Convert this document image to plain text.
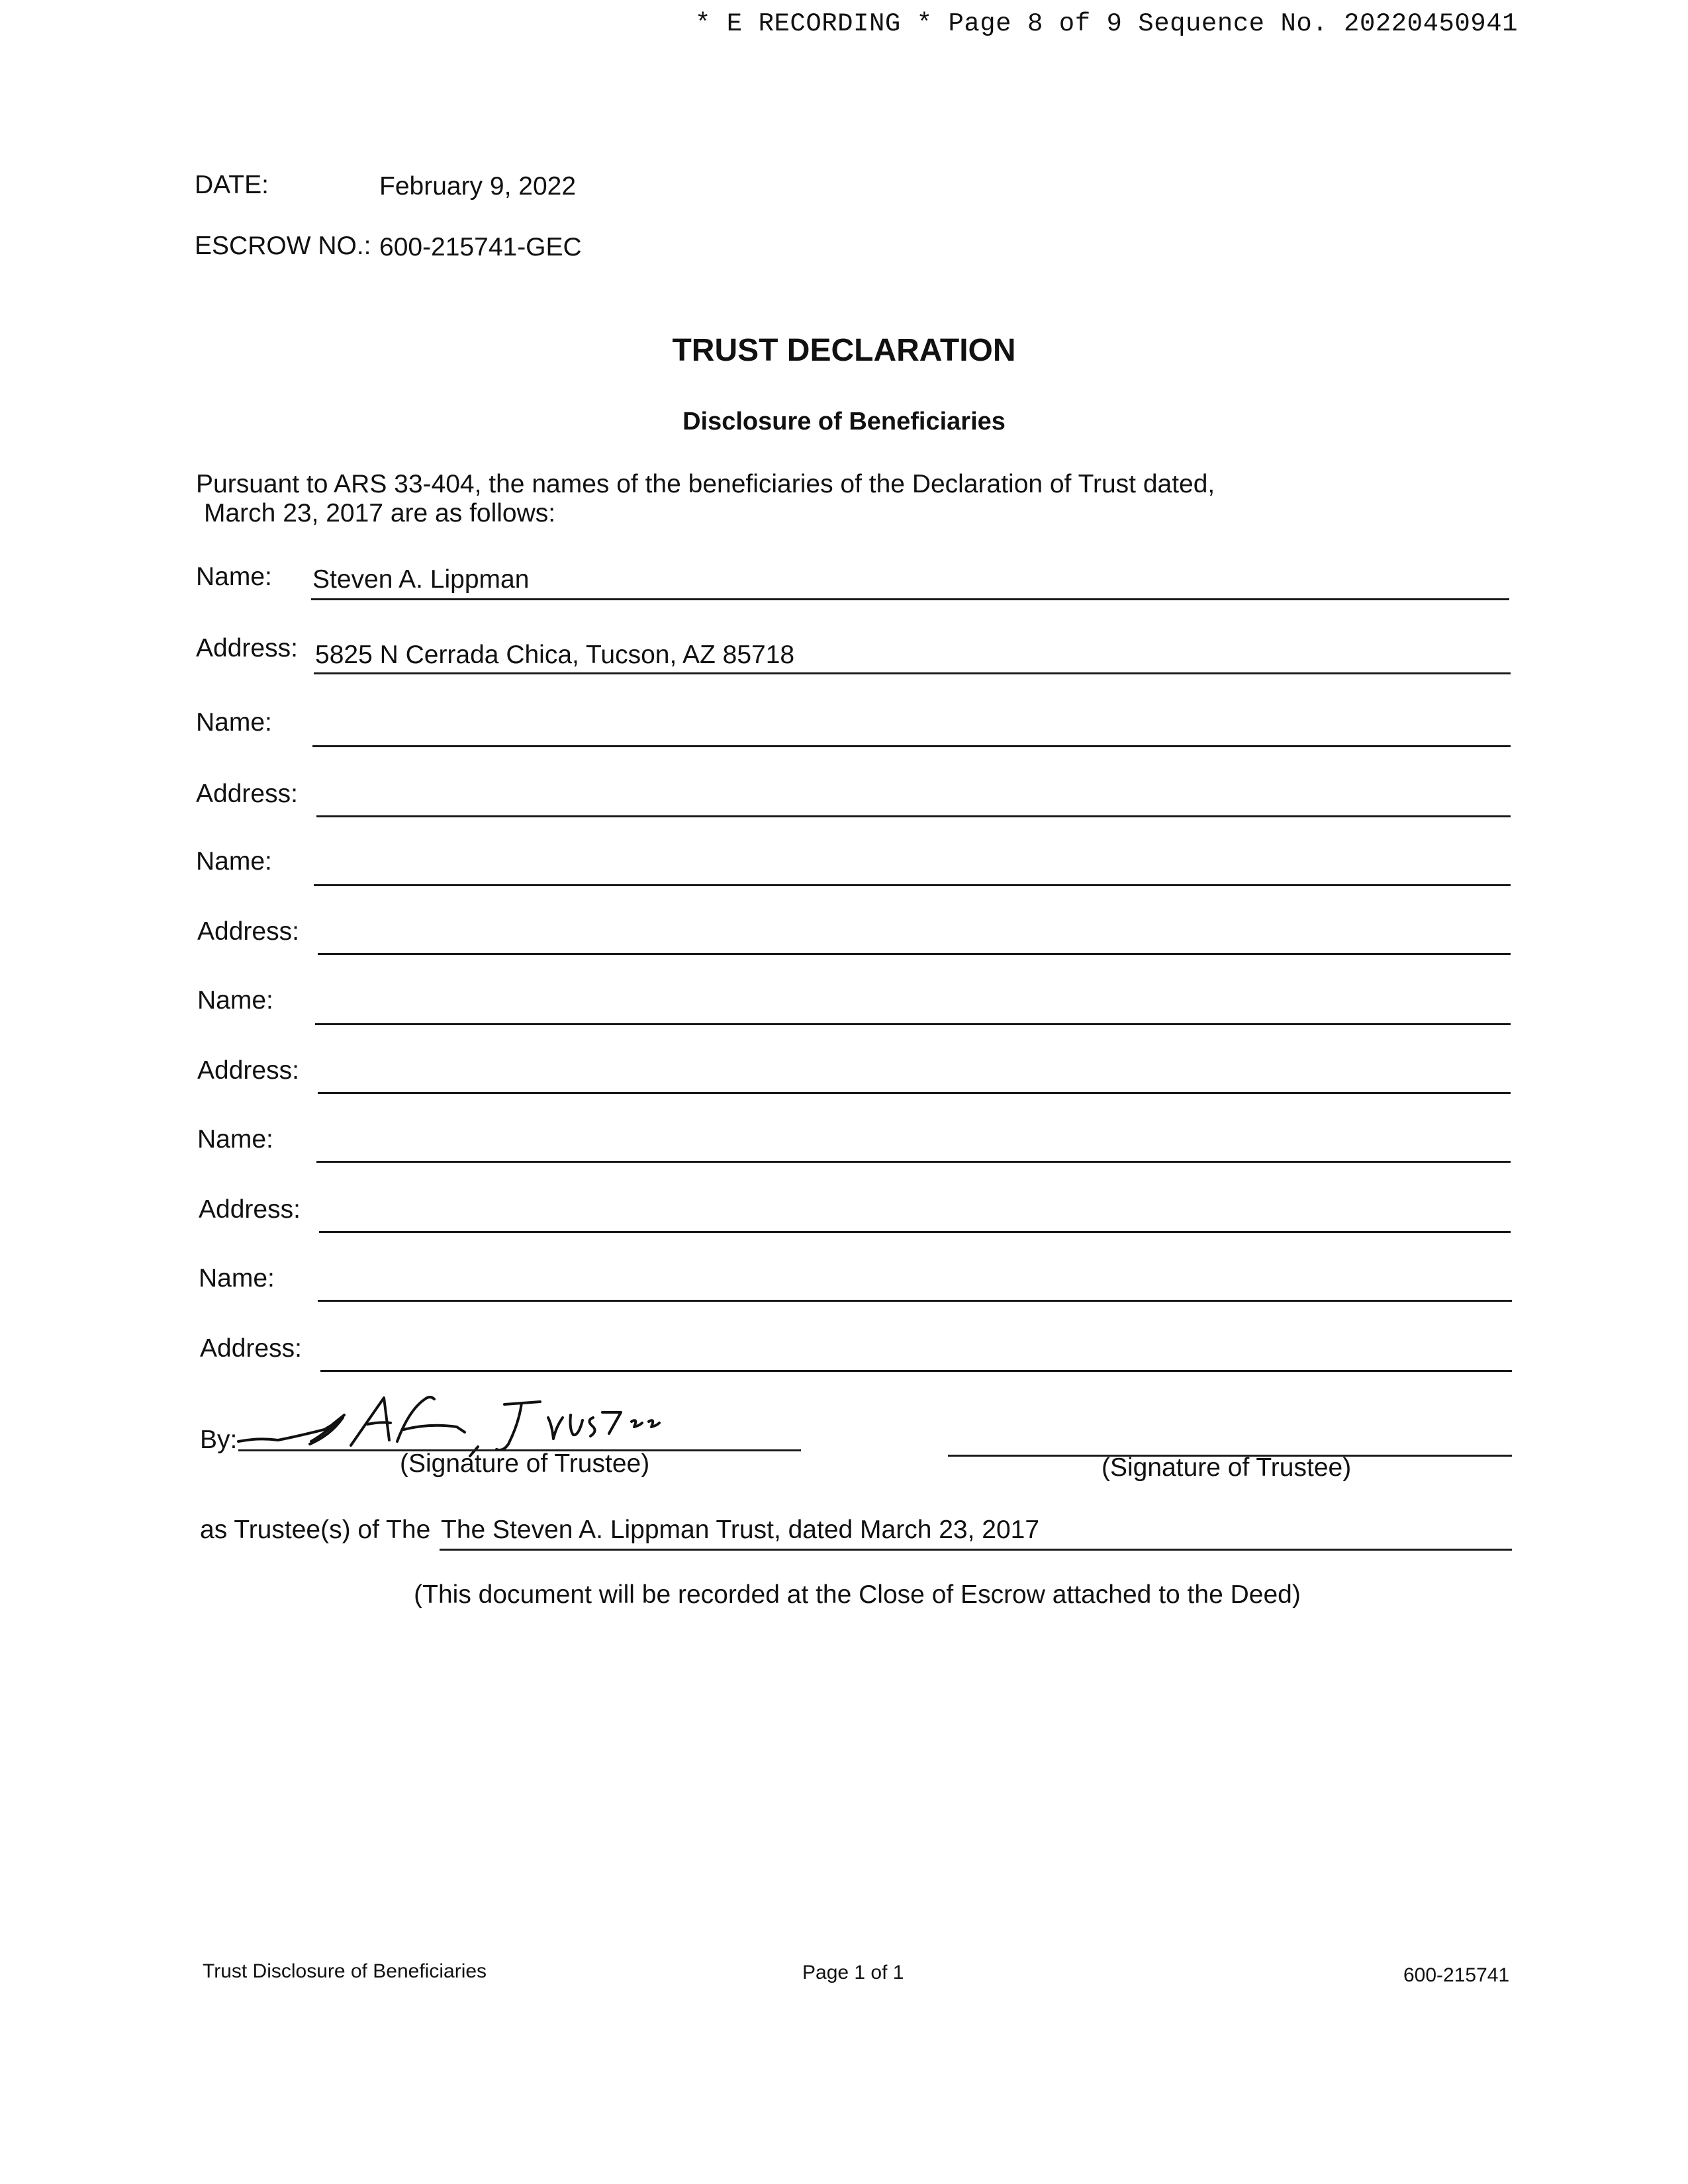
* E RECORDING * Page 8 of 9 Sequence No. 20220450941
DATE:	February 9, 2022
ESCROW NO.: 600-215741-GEC
TRUST DECLARATION
Disclosure of Beneficiaries
Pursuant to ARS 33-404, the names of the beneficiaries of the Declaration of Trust dated,
March 23, 2017 are as follows:
Name: Steven A. Lippman
Address: 5825 N Cerrada Chica, Tucson, AZ 85718
Name:
Address:
Name:
Address:
Name:
Address:
Name:
Address:
Name:
Address:
By:
(Signature of Trustee)	(Signature of Trustee)
as Trustee(s) of The The Steven A. Lippman Trust, dated March 23, 2017
(This document will be recorded at the Close of Escrow attached to the Deed)
Trust Disclosure of Beneficiaries	Page 1 of 1	600-215741
